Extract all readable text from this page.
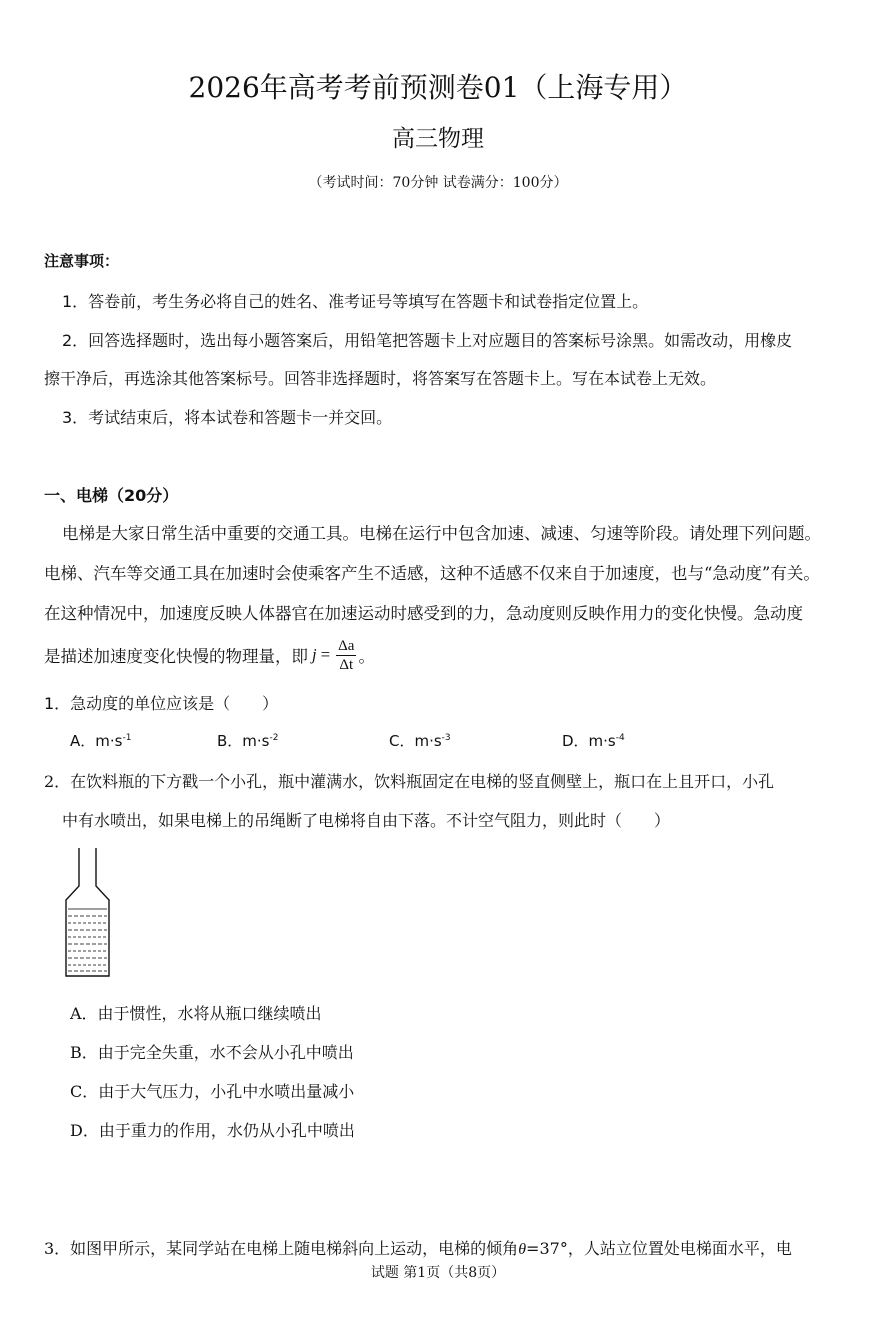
2026年高考考前预测卷01（上海专用）
高三物理
（考试时间：70分钟 试卷满分：100分）
注意事项：
1．答卷前，考生务必将自己的姓名、准考证号等填写在答题卡和试卷指定位置上。
2．回答选择题时，选出每小题答案后，用铅笔把答题卡上对应题目的答案标号涂黑。如需改动，用橡皮
擦干净后，再选涂其他答案标号。回答非选择题时，将答案写在答题卡上。写在本试卷上无效。
3．考试结束后，将本试卷和答题卡一并交回。
一、电梯（20分）
电梯是大家日常生活中重要的交通工具。电梯在运行中包含加速、减速、匀速等阶段。请处理下列问题。
电梯、汽车等交通工具在加速时会使乘客产生不适感，这种不适感不仅来自于加速度，也与“急动度”有关。
在这种情况中，加速度反映人体器官在加速运动时感受到的力，急动度则反映作用力的变化快慢。急动度
是描述加速度变化快慢的物理量，即 $j = \frac{\Delta a}{\Delta t}$ 。
1．急动度的单位应该是（　　）
A．$m\cdot s^{-1}$	B．$m\cdot s^{-2}$	C．$m\cdot s^{-3}$	D．$m\cdot s^{-4}$
2．在饮料瓶的下方戳一个小孔，瓶中灌满水，饮料瓶固定在电梯的竖直侧壁上，瓶口在上且开口，小孔
中有水喷出，如果电梯上的吊绳断了电梯将自由下落。不计空气阻力，则此时（　　）
A．由于惯性，水将从瓶口继续喷出
B．由于完全失重，水不会从小孔中喷出
C．由于大气压力，小孔中水喷出量减小
D．由于重力的作用，水仍从小孔中喷出
3．如图甲所示，某同学站在电梯上随电梯斜向上运动，电梯的倾角θ=37°，人站立位置处电梯面水平，电
试题 第1页（共8页）
